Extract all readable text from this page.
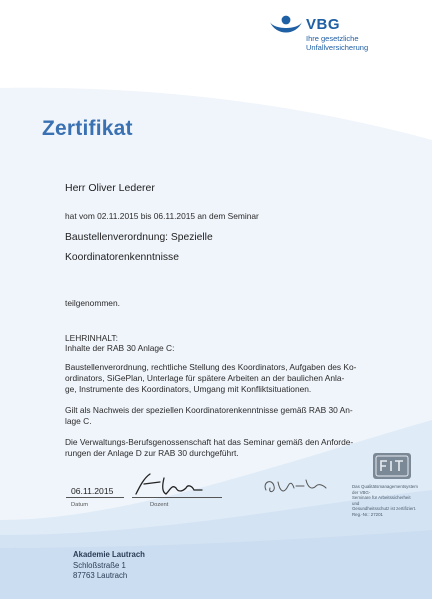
VBG
Ihre gesetzliche
Unfallversicherung
Zertifikat
Herr Oliver Lederer
hat vom 02.11.2015 bis 06.11.2015 an dem Seminar
Baustellenverordnung: Spezielle
Koordinatorenkenntnisse
teilgenommen.
LEHRINHALT:
Inhalte der RAB 30 Anlage C:
Baustellenverordnung, rechtliche Stellung des Koordinators, Aufgaben des Ko-
ordinators, SiGePlan, Unterlage für spätere Arbeiten an der baulichen Anla-
ge, Instrumente des Koordinators, Umgang mit Konfliktsituationen.
Gilt als Nachweis der speziellen Koordinatorenkenntnisse gemäß RAB 30 An-
lage C.
Die Verwaltungs-Berufsgenossenschaft hat das Seminar gemäß den Anforde-
rungen der Anlage D zur RAB 30 durchgeführt.
Das Qualitätsmanagementsystem der VBG-
Seminare für Arbeitssicherheit und
Gesundheitsschutz ist zertifiziert.
Reg.-Nr.: 27201
06.11.2015
Datum	Dozent
Akademie Lautrach
Schloßstraße 1
87763 Lautrach
